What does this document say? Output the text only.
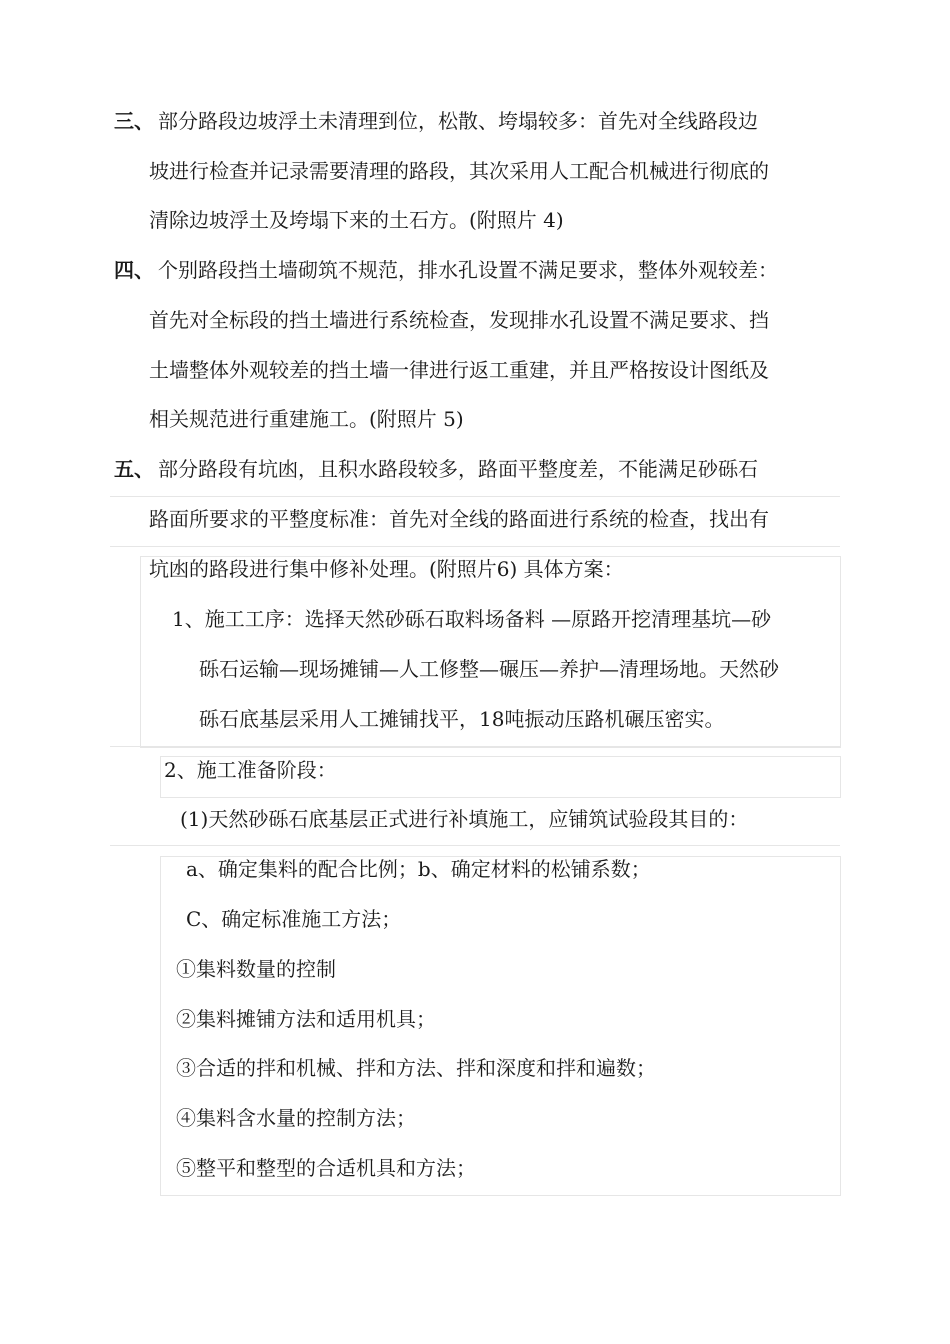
三、 部分路段边坡浮土未清理到位，松散、垮塌较多：首先对全线路段边
坡进行检查并记录需要清理的路段，其次采用人工配合机械进行彻底的
清除边坡浮土及垮塌下来的土石方。(附照片 4)
四、 个别路段挡土墙砌筑不规范，排水孔设置不满足要求，整体外观较差：
首先对全标段的挡土墙进行系统检查，发现排水孔设置不满足要求、挡
土墙整体外观较差的挡土墙一律进行返工重建，并且严格按设计图纸及
相关规范进行重建施工。(附照片 5)
五、 部分路段有坑凼，且积水路段较多，路面平整度差，不能满足砂砾石
路面所要求的平整度标准：首先对全线的路面进行系统的检查，找出有
坑凼的路段进行集中修补处理。(附照片6) 具体方案：
1、施工工序：选择天然砂砾石取料场备料 —原路开挖清理基坑—砂
砾石运输—现场摊铺—人工修整—碾压—养护—清理场地。天然砂
砾石底基层采用人工摊铺找平，18吨振动压路机碾压密实。
2、施工准备阶段：
(1)天然砂砾石底基层正式进行补填施工，应铺筑试验段其目的：
a、确定集料的配合比例；b、确定材料的松铺系数；
C、确定标准施工方法；
①集料数量的控制
②集料摊铺方法和适用机具；
③合适的拌和机械、拌和方法、拌和深度和拌和遍数；
④集料含水量的控制方法；
⑤整平和整型的合适机具和方法；
